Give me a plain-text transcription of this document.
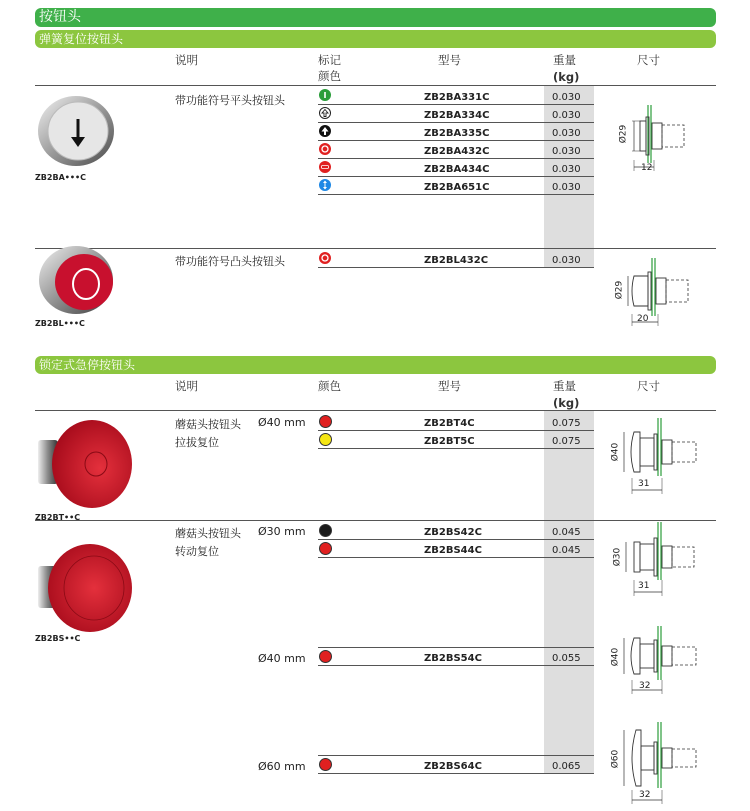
按钮头
弹簧复位按钮头
说明	标记
颜色
型号	重量
(kg)
尺寸
ZB2BA•••C
带功能符号平头按钮头	ZB2BA331C	0.030
ZB2BA334C	0.030
ZB2BA335C	0.030
ZB2BA432C	0.030
ZB2BA434C	0.030
ZB2BA651C	0.030
Ø29
12
ZB2BL•••C
带功能符号凸头按钮头	ZB2BL432C	0.030
Ø29
20
锁定式急停按钮头
说明	颜色	型号	重量
(kg)
尺寸
ZB2BT••C
蘑菇头按钮头
拉拔复位
Ø40 mm	ZB2BT4C	0.075
ZB2BT5C	0.075
Ø40
31
ZB2BS••C
蘑菇头按钮头
转动复位
Ø30 mm	ZB2BS42C	0.045
ZB2BS44C	0.045	Ø30
31
Ø40 mm	ZB2BS54C	0.055	Ø40
32
Ø60 mm	ZB2BS64C	0.065	Ø60
32
